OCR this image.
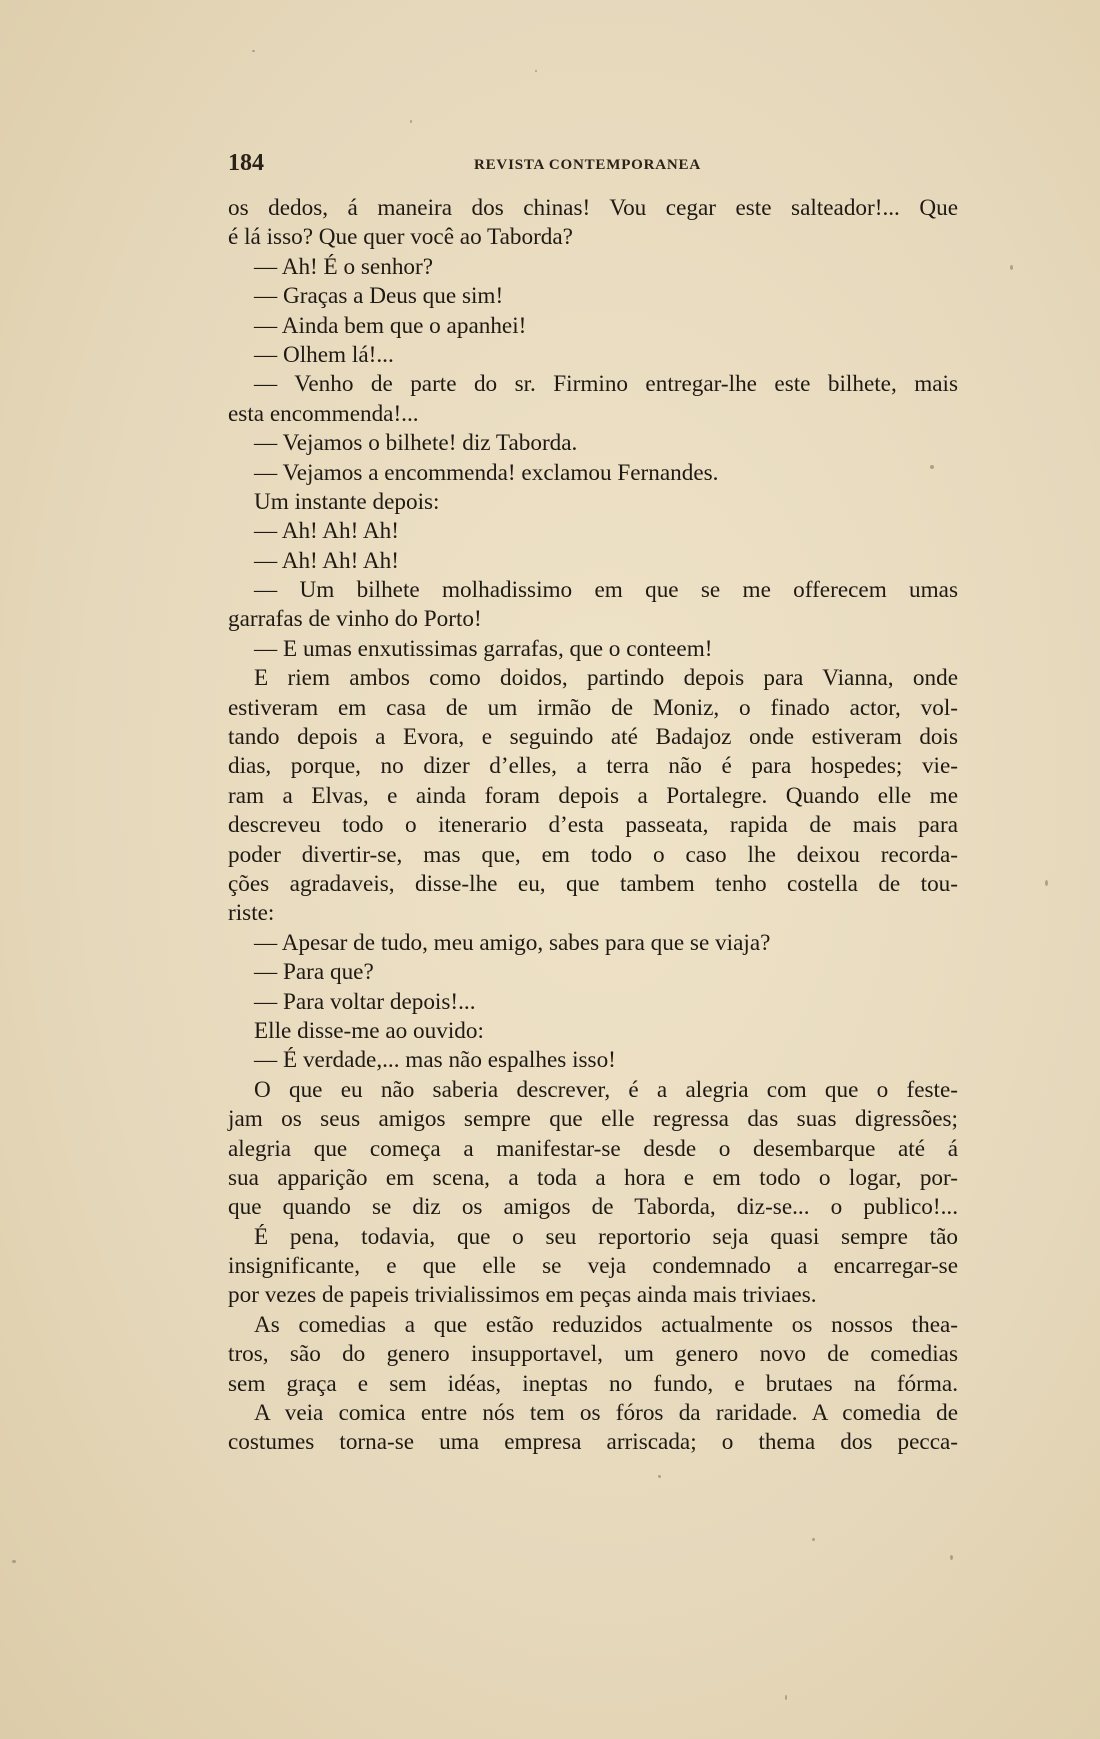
184	REVISTA CONTEMPORANEA
os dedos, á maneira dos chinas! Vou cegar este salteador!... Que
é lá isso? Que quer você ao Taborda?
— Ah! É o senhor?
— Graças a Deus que sim!
— Ainda bem que o apanhei!
— Olhem lá!...
— Venho de parte do sr. Firmino entregar-lhe este bilhete, mais
esta encommenda!...
— Vejamos o bilhete! diz Taborda.
— Vejamos a encommenda! exclamou Fernandes.
Um instante depois:
— Ah! Ah! Ah!
— Ah! Ah! Ah!
— Um bilhete molhadissimo em que se me offerecem umas
garrafas de vinho do Porto!
— E umas enxutissimas garrafas, que o conteem!
E riem ambos como doidos, partindo depois para Vianna, onde
estiveram em casa de um irmão de Moniz, o finado actor, vol-
tando depois a Evora, e seguindo até Badajoz onde estiveram dois
dias, porque, no dizer d’elles, a terra não é para hospedes; vie-
ram a Elvas, e ainda foram depois a Portalegre. Quando elle me
descreveu todo o itenerario d’esta passeata, rapida de mais para
poder divertir-se, mas que, em todo o caso lhe deixou recorda-
ções agradaveis, disse-lhe eu, que tambem tenho costella de tou-
riste:
— Apesar de tudo, meu amigo, sabes para que se viaja?
— Para que?
— Para voltar depois!...
Elle disse-me ao ouvido:
— É verdade,... mas não espalhes isso!
O que eu não saberia descrever, é a alegria com que o feste-
jam os seus amigos sempre que elle regressa das suas digressões;
alegria que começa a manifestar-se desde o desembarque até á
sua apparição em scena, a toda a hora e em todo o logar, por-
que quando se diz os amigos de Taborda, diz-se... o publico!...
É pena, todavia, que o seu reportorio seja quasi sempre tão
insignificante, e que elle se veja condemnado a encarregar-se
por vezes de papeis trivialissimos em peças ainda mais triviaes.
As comedias a que estão reduzidos actualmente os nossos thea-
tros, são do genero insupportavel, um genero novo de comedias
sem graça e sem idéas, ineptas no fundo, e brutaes na fórma.
A veia comica entre nós tem os fóros da raridade. A comedia de
costumes torna-se uma empresa arriscada; o thema dos pecca-
